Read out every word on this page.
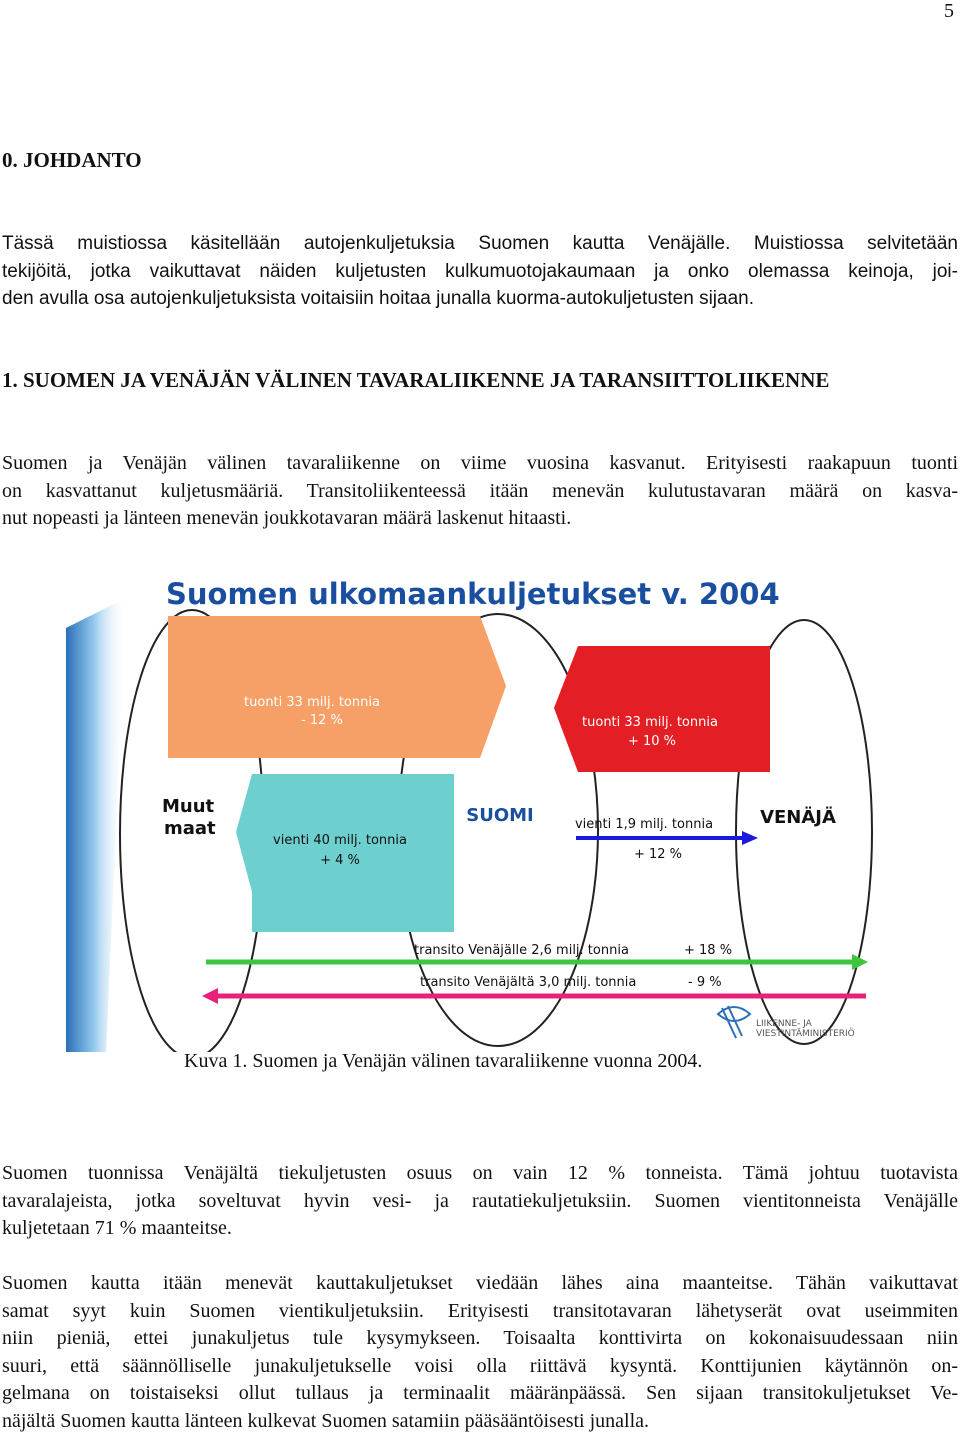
5
0. JOHDANTO
Tässä muistiossa käsitellään autojenkuljetuksia Suomen kautta Venäjälle. Muistiossa selvitetään
tekijöitä, jotka vaikuttavat näiden kuljetusten kulkumuotojakaumaan ja onko olemassa keinoja, joi-
den avulla osa autojenkuljetuksista voitaisiin hoitaa junalla kuorma-autokuljetusten sijaan.
1. SUOMEN JA VENÄJÄN VÄLINEN TAVARALIIKENNE JA TARANSIITTOLIIKENNE
Suomen ja Venäjän välinen tavaraliikenne on viime vuosina kasvanut. Erityisesti raakapuun tuonti
on kasvattanut kuljetusmääriä. Transitoliikenteessä itään menevän kulutustavaran määrä on kasva-
nut nopeasti ja länteen menevän joukkotavaran määrä laskenut hitaasti.
Suomen ulkomaankuljetukset v. 2004
tuonti 33 milj. tonnia
- 12 %	tuonti 33 milj. tonnia
+ 10 %
vienti 40 milj. tonnia
+ 4 %
Muut
maat
SUOMI	VENÄJÄ
vienti 1,9 milj. tonnia
+ 12 %
transito Venäjälle 2,6 milj. tonnia	+ 18 %
transito Venäjältä 3,0 milj. tonnia	- 9 %
LIIKENNE- JA
VIESTINTÄMINISTERIÖ

Kuva 1. Suomen ja Venäjän välinen tavaraliikenne vuonna 2004.

Suomen tuonnissa Venäjältä tiekuljetusten osuus on vain 12 % tonneista. Tämä johtuu tuotavista
tavaralajeista, jotka soveltuvat hyvin vesi- ja rautatiekuljetuksiin. Suomen vientitonneista Venäjälle
kuljetetaan 71 % maanteitse.
Suomen kautta itään menevät kauttakuljetukset viedään lähes aina maanteitse. Tähän vaikuttavat
samat syyt kuin Suomen vientikuljetuksiin. Erityisesti transitotavaran lähetyserät ovat useimmiten
niin pieniä, ettei junakuljetus tule kysymykseen. Toisaalta konttivirta on kokonaisuudessaan niin
suuri, että säännölliselle junakuljetukselle voisi olla riittävä kysyntä. Konttijunien käytännön on-
gelmana on toistaiseksi ollut tullaus ja terminaalit määränpäässä. Sen sijaan transitokuljetukset Ve-
näjältä Suomen kautta länteen kulkevat Suomen satamiin pääsääntöisesti junalla.
